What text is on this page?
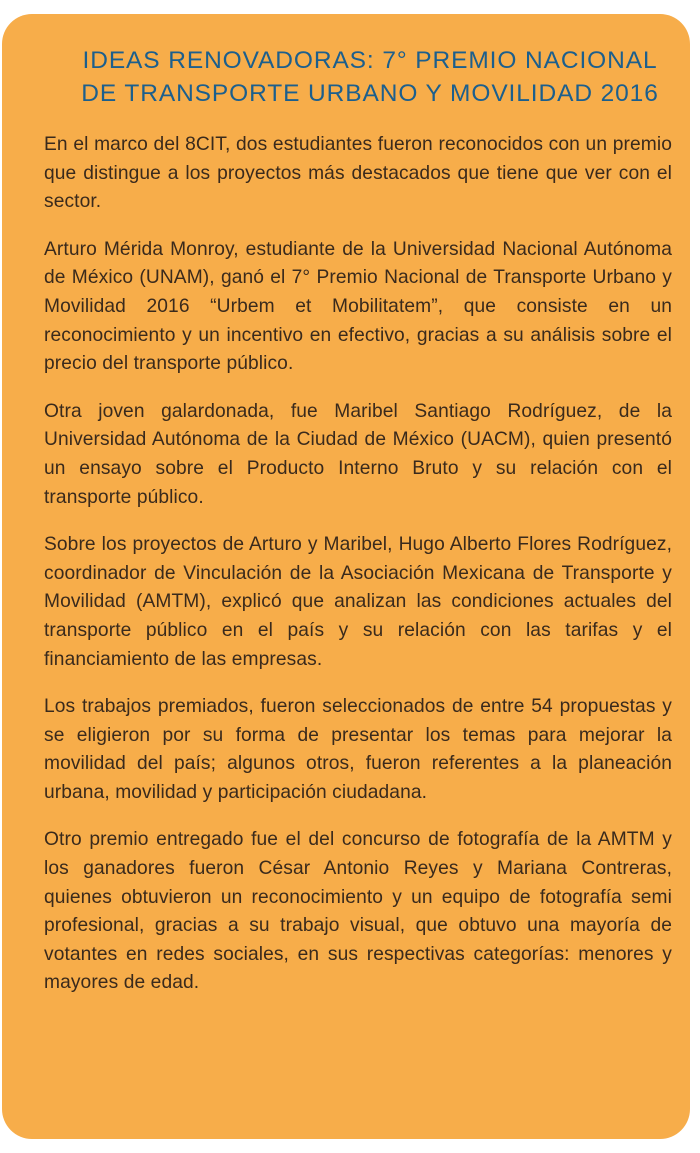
IDEAS RENOVADORAS: 7° PREMIO NACIONAL
DE TRANSPORTE URBANO Y MOVILIDAD 2016

En el marco del 8CIT, dos estudiantes fueron reconocidos con un premio que distingue a los proyectos más destacados que tiene que ver con el sector.

Arturo Mérida Monroy, estudiante de la Universidad Nacional Autónoma de México (UNAM), ganó el 7° Premio Nacional de Transporte Urbano y Movilidad 2016 “Urbem et Mobilitatem”, que consiste en un reconocimiento y un incentivo en efectivo, gracias a su análisis sobre el precio del transporte público.

Otra joven galardonada, fue Maribel Santiago Rodríguez, de la Universidad Autónoma de la Ciudad de México (UACM), quien presentó un ensayo sobre el Producto Interno Bruto y su relación con el transporte público.

Sobre los proyectos de Arturo y Maribel, Hugo Alberto Flores Rodríguez, coordinador de Vinculación de la Asociación Mexicana de Transporte y Movilidad (AMTM), explicó que analizan las condiciones actuales del transporte público en el país y su relación con las tarifas y el financiamiento de las empresas.

Los trabajos premiados, fueron seleccionados de entre 54 propuestas y se eligieron por su forma de presentar los temas para mejorar la movilidad del país; algunos otros, fueron referentes a la planeación urbana, movilidad y participación ciudadana.

Otro premio entregado fue el del concurso de fotografía de la AMTM y los ganadores fueron César Antonio Reyes y Mariana Contreras, quienes obtuvieron un reconocimiento y un equipo de fotografía semi profesional, gracias a su trabajo visual, que obtuvo una mayoría de votantes en redes sociales, en sus respectivas categorías: menores y mayores de edad.
